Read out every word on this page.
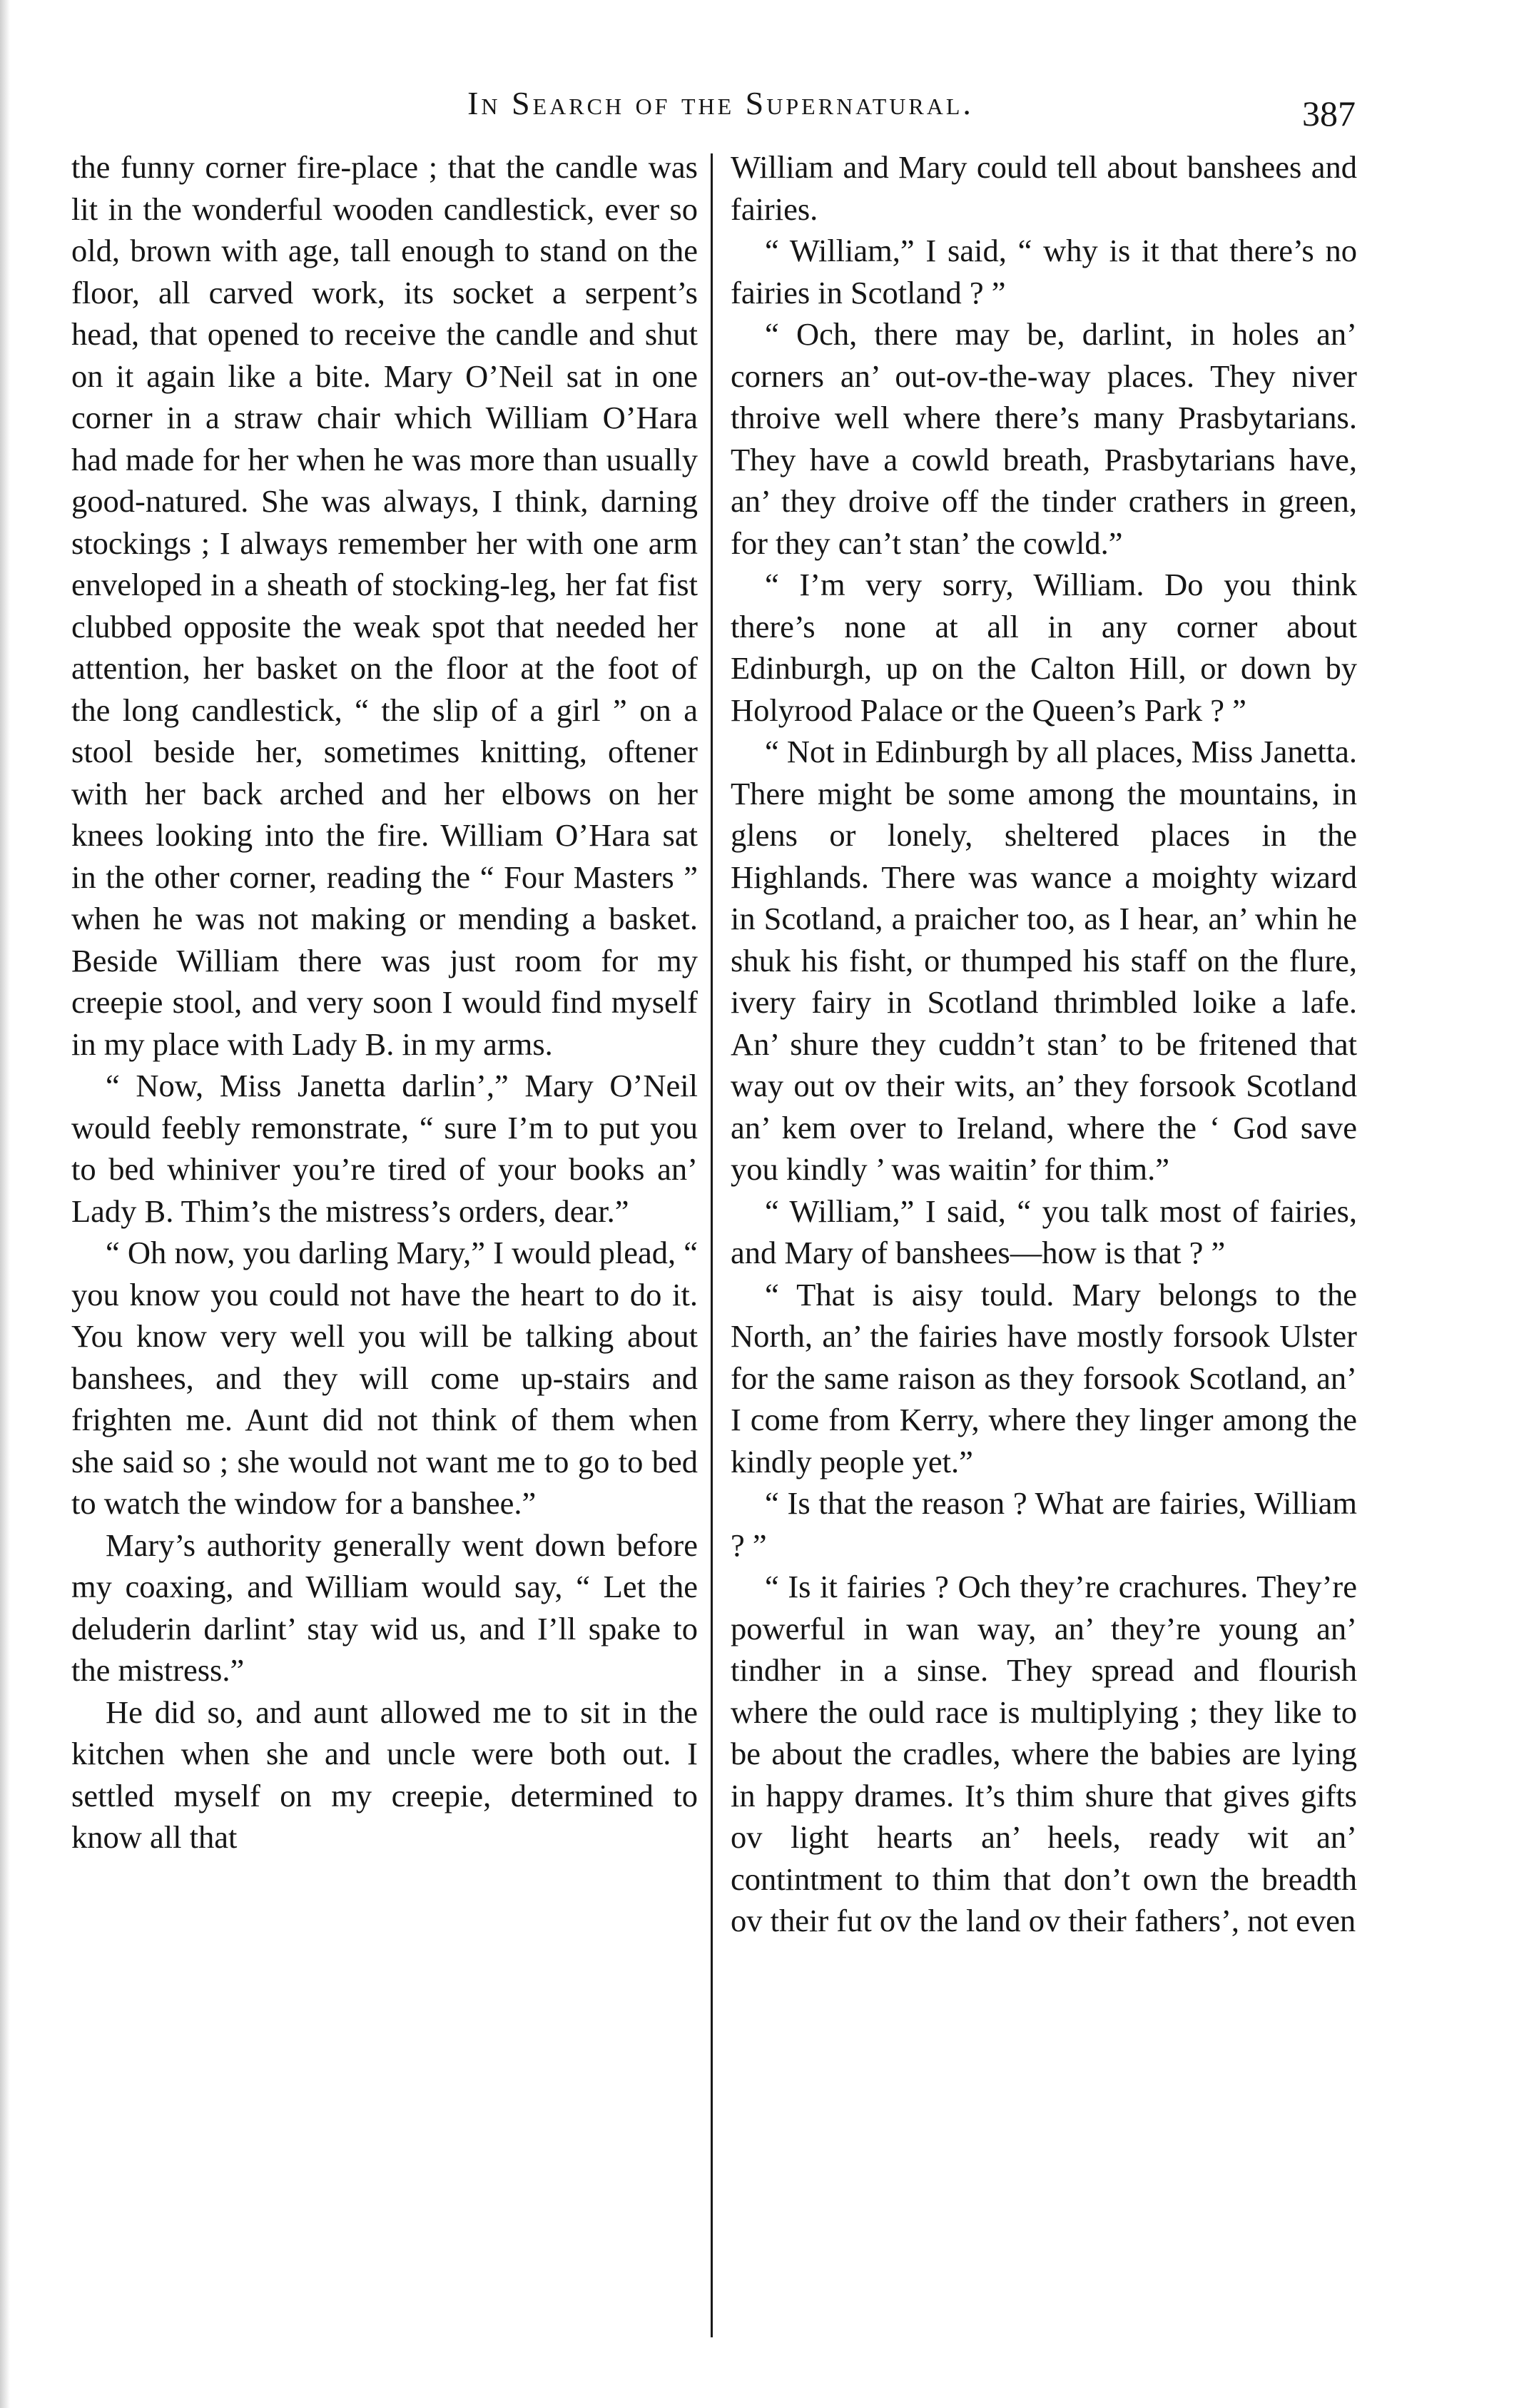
In Search of the Supernatural.	387

the funny corner fire-place ; that the candle was lit in the wonderful wooden candlestick, ever so old, brown with age, tall enough to stand on the floor, all carved work, its socket a serpent’s head, that opened to receive the candle and shut on it again like a bite. Mary O’Neil sat in one corner in a straw chair which William O’Hara had made for her when he was more than usually good-natured. She was always, I think, darning stockings ; I always remember her with one arm enveloped in a sheath of stocking-leg, her fat fist clubbed opposite the weak spot that needed her attention, her basket on the floor at the foot of the long candlestick, “ the slip of a girl ” on a stool beside her, sometimes knitting, oftener with her back arched and her elbows on her knees looking into the fire. William O’Hara sat in the other corner, reading the “ Four Masters ” when he was not making or mending a basket. Beside William there was just room for my creepie stool, and very soon I would find myself in my place with Lady B. in my arms.

“ Now, Miss Janetta darlin’,” Mary O’Neil would feebly remonstrate, “ sure I’m to put you to bed whiniver you’re tired of your books an’ Lady B. Thim’s the mistress’s orders, dear.”

“ Oh now, you darling Mary,” I would plead, “ you know you could not have the heart to do it. You know very well you will be talking about banshees, and they will come up-stairs and frighten me. Aunt did not think of them when she said so ; she would not want me to go to bed to watch the window for a banshee.”

Mary’s authority generally went down before my coaxing, and William would say, “ Let the deluderin darlint’ stay wid us, and I’ll spake to the mistress.”

He did so, and aunt allowed me to sit in the kitchen when she and uncle were both out. I settled myself on my creepie, determined to know all that

William and Mary could tell about banshees and fairies.

“ William,” I said, “ why is it that there’s no fairies in Scotland ? ”

“ Och, there may be, darlint, in holes an’ corners an’ out-ov-the-way places. They niver throive well where there’s many Prasbytarians. They have a cowld breath, Prasbytarians have, an’ they droive off the tinder crathers in green, for they can’t stan’ the cowld.”

“ I’m very sorry, William. Do you think there’s none at all in any corner about Edinburgh, up on the Calton Hill, or down by Holyrood Palace or the Queen’s Park ? ”

“ Not in Edinburgh by all places, Miss Janetta. There might be some among the mountains, in glens or lonely, sheltered places in the Highlands. There was wance a moighty wizard in Scotland, a praicher too, as I hear, an’ whin he shuk his fisht, or thumped his staff on the flure, ivery fairy in Scotland thrimbled loike a lafe. An’ shure they cuddn’t stan’ to be fritened that way out ov their wits, an’ they forsook Scotland an’ kem over to Ireland, where the ‘ God save you kindly ’ was waitin’ for thim.”

“ William,” I said, “ you talk most of fairies, and Mary of banshees—how is that ? ”

“ That is aisy tould. Mary belongs to the North, an’ the fairies have mostly forsook Ulster for the same raison as they forsook Scotland, an’ I come from Kerry, where they linger among the kindly people yet.”

“ Is that the reason ? What are fairies, William ? ”

“ Is it fairies ? Och they’re crachures. They’re powerful in wan way, an’ they’re young an’ tindher in a sinse. They spread and flourish where the ould race is multiplying ; they like to be about the cradles, where the babies are lying in happy drames. It’s thim shure that gives gifts ov light hearts an’ heels, ready wit an’ contintment to thim that don’t own the breadth ov their fut ov the land ov their fathers’, not even
